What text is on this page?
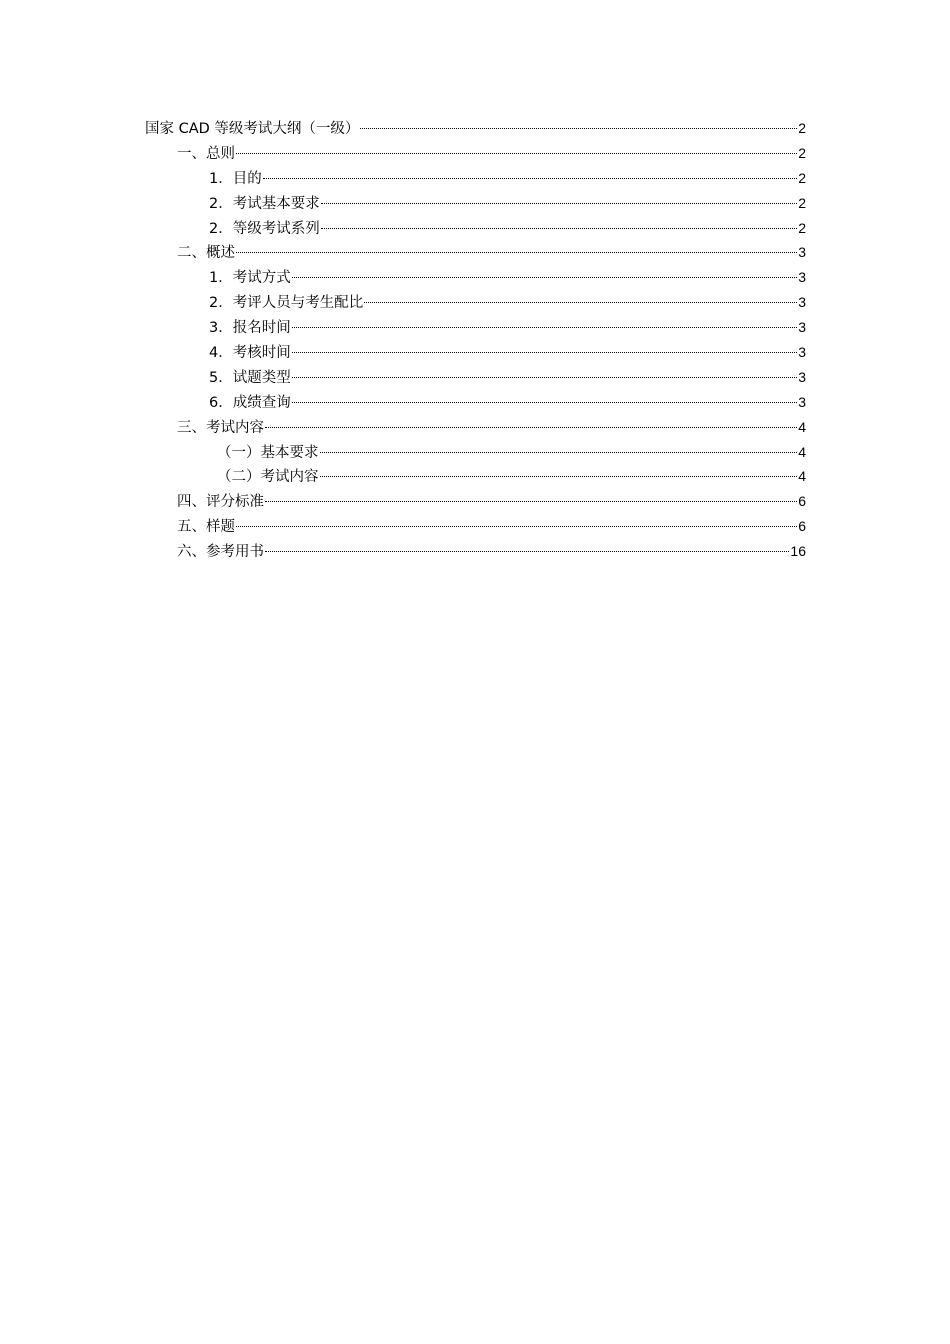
国家 CAD 等级考试大纲（一级）	2
一、总则	2
1．目的	2
2．考试基本要求	2
2．等级考试系列	2
二、概述	3
1．考试方式	3
2．考评人员与考生配比	3
3．报名时间	3
4．考核时间	3
5．试题类型	3
6．成绩查询	3
三、考试内容	4
（一）基本要求	4
（二）考试内容	4
四、评分标准	6
五、样题	6
六、参考用书	16
